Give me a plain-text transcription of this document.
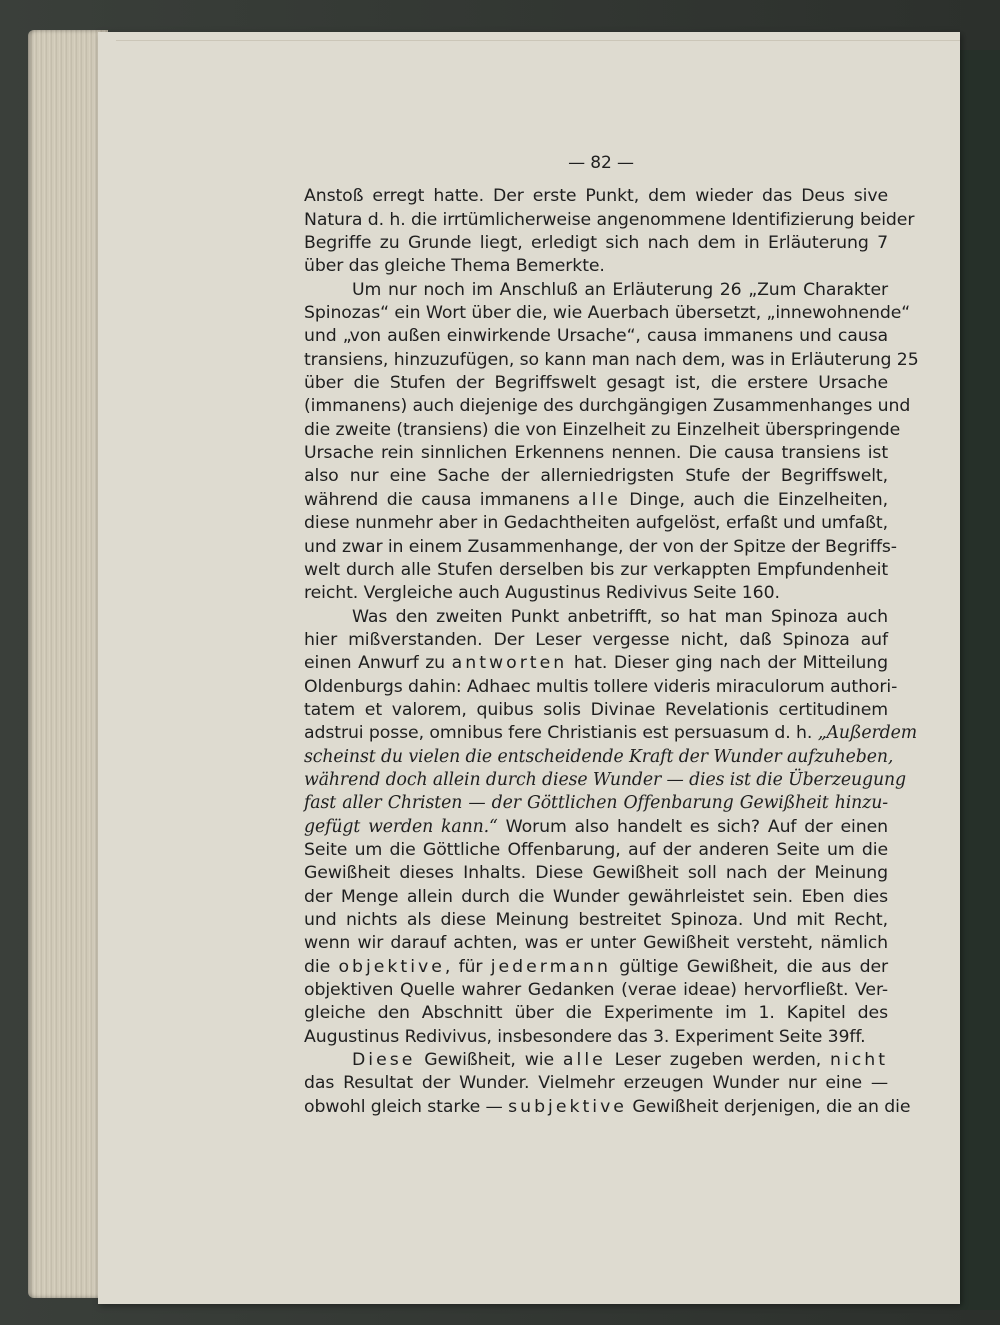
— 82 —
Anstoß erregt hatte. Der erste Punkt, dem wieder das Deus sive
Natura d. h. die irrtümlicherweise angenommene Identifizierung beider
Begriffe zu Grunde liegt, erledigt sich nach dem in Erläuterung 7
über das gleiche Thema Bemerkte.
Um nur noch im Anschluß an Erläuterung 26 „Zum Charakter
Spinozas“ ein Wort über die, wie Auerbach übersetzt, „innewohnende“
und „von außen einwirkende Ursache“, causa immanens und causa
transiens, hinzuzufügen, so kann man nach dem, was in Erläuterung 25
über die Stufen der Begriffswelt gesagt ist, die erstere Ursache
(immanens) auch diejenige des durchgängigen Zusammenhanges und
die zweite (transiens) die von Einzelheit zu Einzelheit überspringende
Ursache rein sinnlichen Erkennens nennen. Die causa transiens ist
also nur eine Sache der allerniedrigsten Stufe der Begriffswelt,
während die causa immanens alle Dinge, auch die Einzelheiten,
diese nunmehr aber in Gedachtheiten aufgelöst, erfaßt und umfaßt,
und zwar in einem Zusammenhange, der von der Spitze der Begriffs-
welt durch alle Stufen derselben bis zur verkappten Empfundenheit
reicht. Vergleiche auch Augustinus Redivivus Seite 160.
Was den zweiten Punkt anbetrifft, so hat man Spinoza auch
hier mißverstanden. Der Leser vergesse nicht, daß Spinoza auf
einen Anwurf zu antworten hat. Dieser ging nach der Mitteilung
Oldenburgs dahin: Adhaec multis tollere videris miraculorum authori-
tatem et valorem, quibus solis Divinae Revelationis certitudinem
adstrui posse, omnibus fere Christianis est persuasum d. h. „Außerdem
scheinst du vielen die entscheidende Kraft der Wunder aufzuheben,
während doch allein durch diese Wunder — dies ist die Überzeugung
fast aller Christen — der Göttlichen Offenbarung Gewißheit hinzu-
gefügt werden kann.“ Worum also handelt es sich? Auf der einen
Seite um die Göttliche Offenbarung, auf der anderen Seite um die
Gewißheit dieses Inhalts. Diese Gewißheit soll nach der Meinung
der Menge allein durch die Wunder gewährleistet sein. Eben dies
und nichts als diese Meinung bestreitet Spinoza. Und mit Recht,
wenn wir darauf achten, was er unter Gewißheit versteht, nämlich
die objektive, für jedermann gültige Gewißheit, die aus der
objektiven Quelle wahrer Gedanken (verae ideae) hervorfließt. Ver-
gleiche den Abschnitt über die Experimente im 1. Kapitel des
Augustinus Redivivus, insbesondere das 3. Experiment Seite 39ff.
Diese Gewißheit, wie alle Leser zugeben werden, nicht
das Resultat der Wunder. Vielmehr erzeugen Wunder nur eine —
obwohl gleich starke — subjektive Gewißheit derjenigen, die an die
